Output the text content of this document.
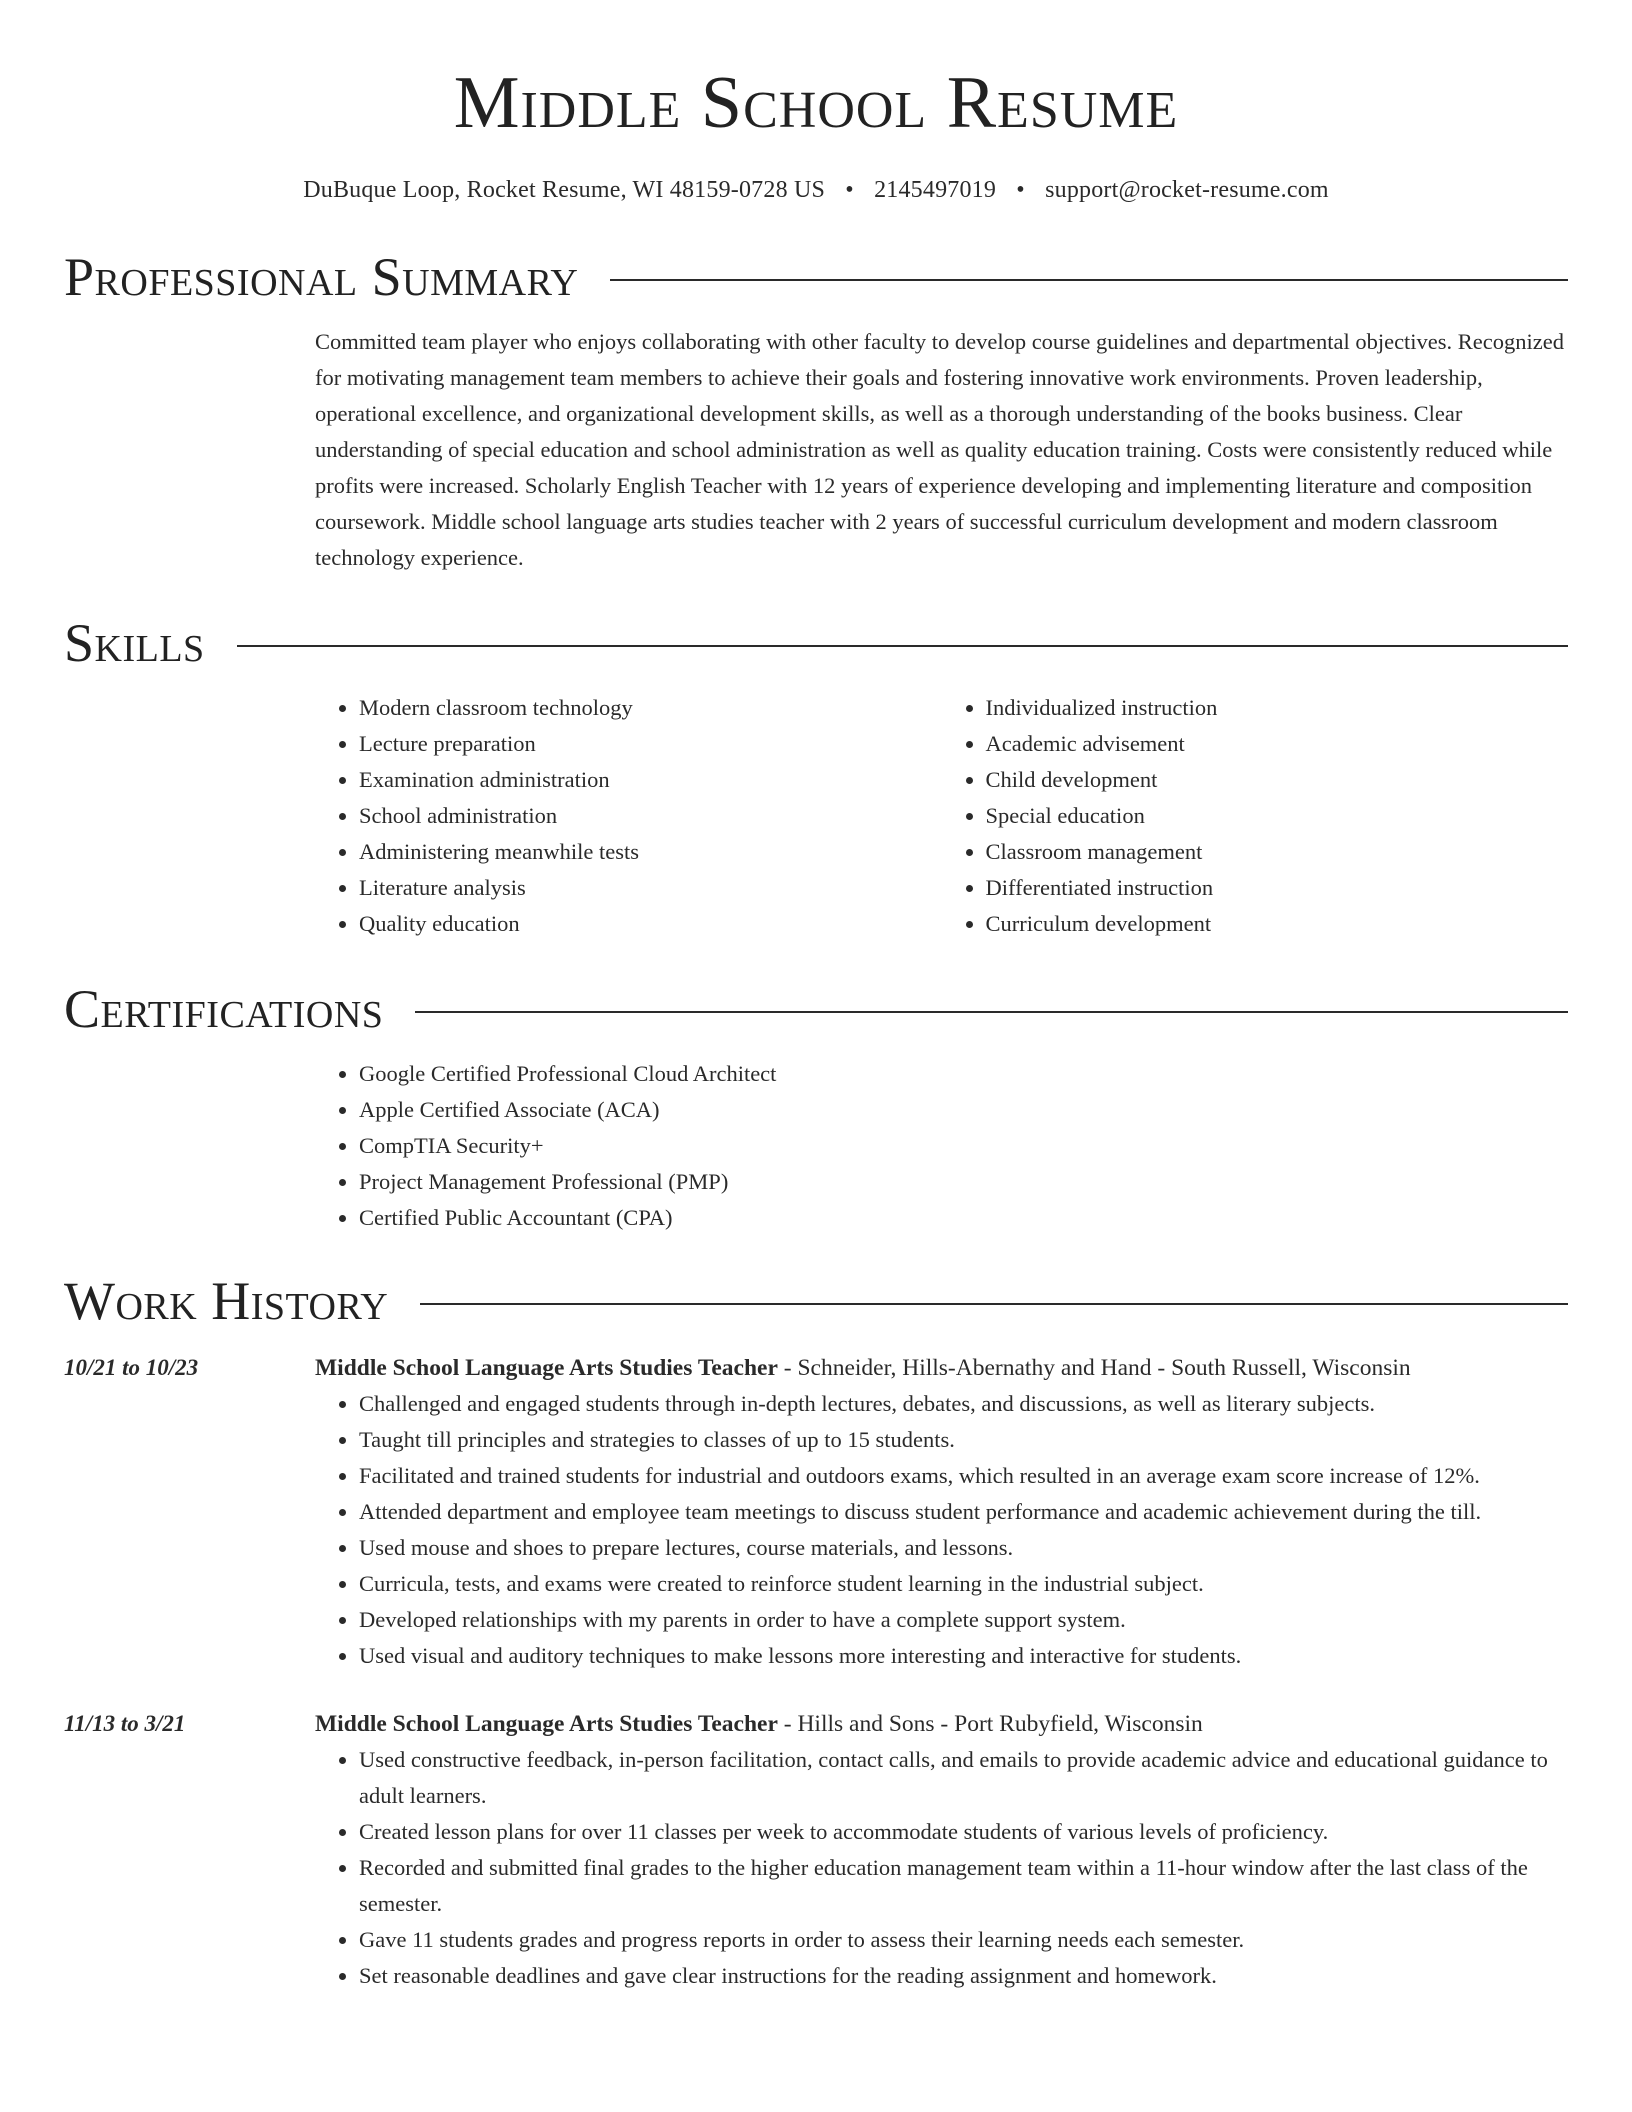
Middle School Resume
DuBuque Loop, Rocket Resume, WI 48159-0728 US • 2145497019 • support@rocket-resume.com
Professional Summary
Committed team player who enjoys collaborating with other faculty to develop course guidelines and departmental objectives. Recognized for motivating management team members to achieve their goals and fostering innovative work environments. Proven leadership, operational excellence, and organizational development skills, as well as a thorough understanding of the books business. Clear understanding of special education and school administration as well as quality education training. Costs were consistently reduced while profits were increased. Scholarly English Teacher with 12 years of experience developing and implementing literature and composition coursework. Middle school language arts studies teacher with 2 years of successful curriculum development and modern classroom technology experience.
Skills
• Modern classroom technology
• Lecture preparation
• Examination administration
• School administration
• Administering meanwhile tests
• Literature analysis
• Quality education
• Individualized instruction
• Academic advisement
• Child development
• Special education
• Classroom management
• Differentiated instruction
• Curriculum development
Certifications
• Google Certified Professional Cloud Architect
• Apple Certified Associate (ACA)
• CompTIA Security+
• Project Management Professional (PMP)
• Certified Public Accountant (CPA)
Work History
10/21 to 10/23	Middle School Language Arts Studies Teacher - Schneider, Hills-Abernathy and Hand - South Russell, Wisconsin
• Challenged and engaged students through in-depth lectures, debates, and discussions, as well as literary subjects.
• Taught till principles and strategies to classes of up to 15 students.
• Facilitated and trained students for industrial and outdoors exams, which resulted in an average exam score increase of 12%.
• Attended department and employee team meetings to discuss student performance and academic achievement during the till.
• Used mouse and shoes to prepare lectures, course materials, and lessons.
• Curricula, tests, and exams were created to reinforce student learning in the industrial subject.
• Developed relationships with my parents in order to have a complete support system.
• Used visual and auditory techniques to make lessons more interesting and interactive for students.
11/13 to 3/21	Middle School Language Arts Studies Teacher - Hills and Sons - Port Rubyfield, Wisconsin
• Used constructive feedback, in-person facilitation, contact calls, and emails to provide academic advice and educational guidance to adult learners.
• Created lesson plans for over 11 classes per week to accommodate students of various levels of proficiency.
• Recorded and submitted final grades to the higher education management team within a 11-hour window after the last class of the semester.
• Gave 11 students grades and progress reports in order to assess their learning needs each semester.
• Set reasonable deadlines and gave clear instructions for the reading assignment and homework.
